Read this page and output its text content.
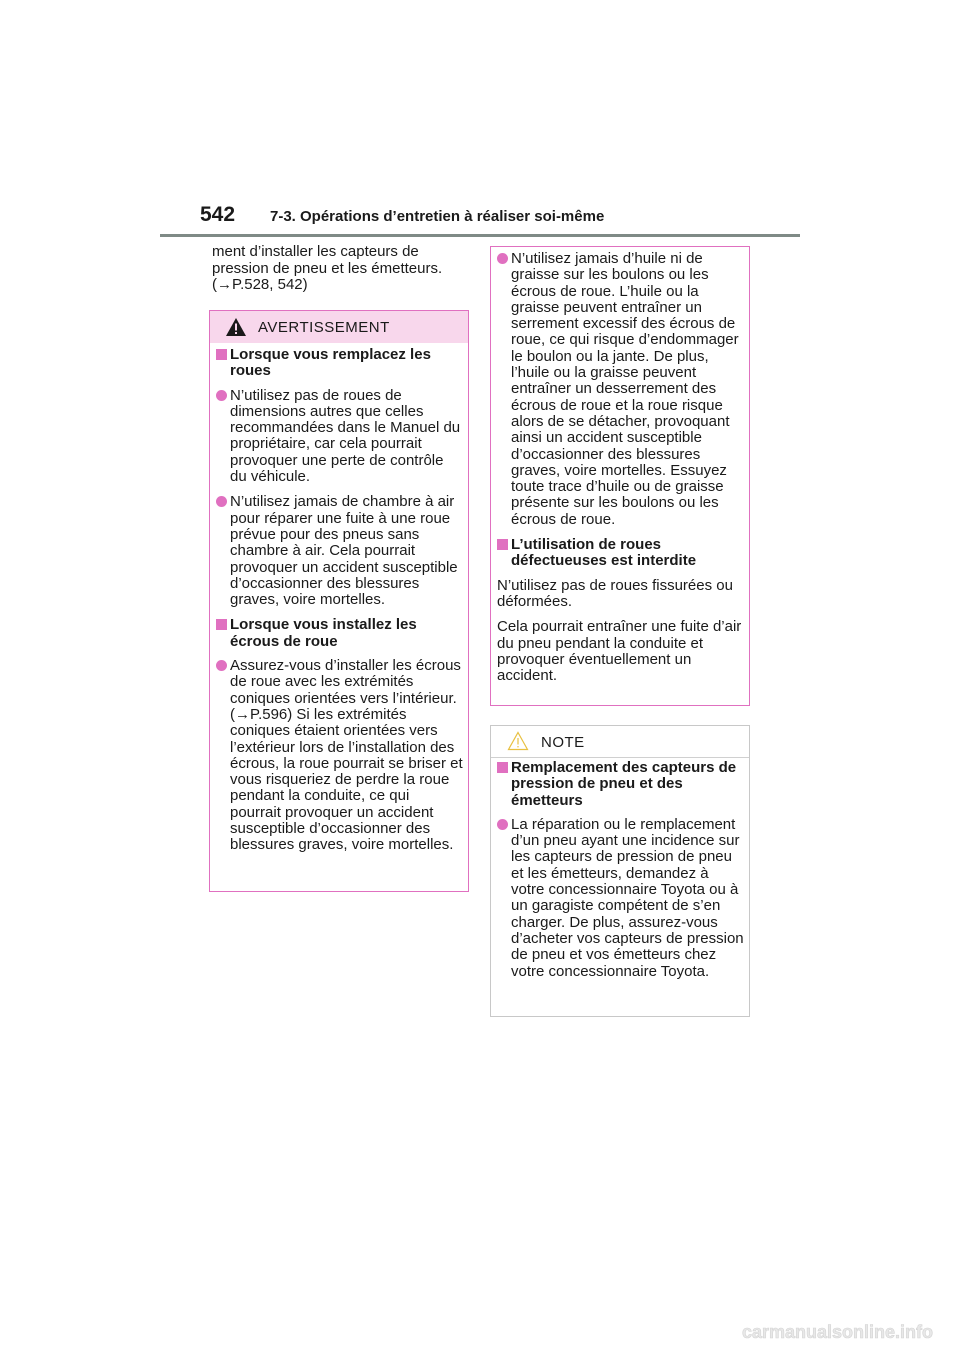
542 7-3. Opérations d’entretien à réaliser soi-même
ment d’installer les capteurs de pression de pneu et les émetteurs. (→P.528, 542)
AVERTISSEMENT
Lorsque vous remplacez les roues
N’utilisez pas de roues de dimensions autres que celles recommandées dans le Manuel du propriétaire, car cela pourrait provoquer une perte de contrôle du véhicule.
N’utilisez jamais de chambre à air pour réparer une fuite à une roue prévue pour des pneus sans chambre à air. Cela pourrait provoquer un accident susceptible d’occasionner des blessures graves, voire mortelles.
Lorsque vous installez les écrous de roue
Assurez-vous d’installer les écrous de roue avec les extrémités coniques orientées vers l’intérieur. (→P.596) Si les extrémités coniques étaient orientées vers l’extérieur lors de l’installation des écrous, la roue pourrait se briser et vous risqueriez de perdre la roue pendant la conduite, ce qui pourrait provoquer un accident susceptible d’occasionner des blessures graves, voire mortelles.
N’utilisez jamais d’huile ni de graisse sur les boulons ou les écrous de roue. L’huile ou la graisse peuvent entraîner un serrement excessif des écrous de roue, ce qui risque d’endommager le boulon ou la jante. De plus, l’huile ou la graisse peuvent entraîner un desserrement des écrous de roue et la roue risque alors de se détacher, provoquant ainsi un accident susceptible d’occasionner des blessures graves, voire mortelles. Essuyez toute trace d’huile ou de graisse présente sur les boulons ou les écrous de roue.
L’utilisation de roues défectueuses est interdite
N’utilisez pas de roues fissurées ou déformées.
Cela pourrait entraîner une fuite d’air du pneu pendant la conduite et provoquer éventuellement un accident.
NOTE
Remplacement des capteurs de pression de pneu et des émetteurs
La réparation ou le remplacement d’un pneu ayant une incidence sur les capteurs de pression de pneu et les émetteurs, demandez à votre concessionnaire Toyota ou à un garagiste compétent de s’en charger. De plus, assurez-vous d’acheter vos capteurs de pression de pneu et vos émetteurs chez votre concessionnaire Toyota.
carmanualsonline.info
